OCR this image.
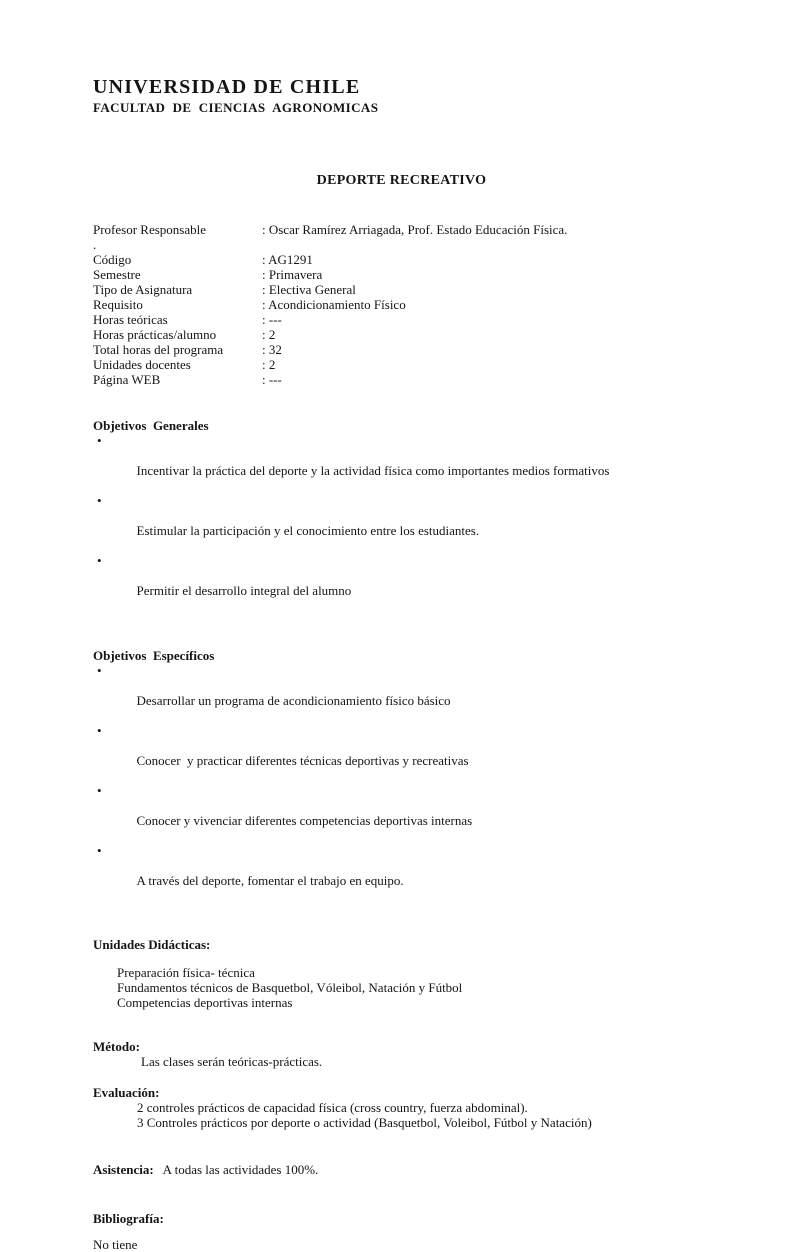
UNIVERSIDAD DE CHILE
FACULTAD  DE  CIENCIAS  AGRONOMICAS
DEPORTE RECREATIVO
Profesor Responsable	: Oscar Ramírez Arriagada, Prof. Estado Educación Física.
.
Código	: AG1291
Semestre	: Primavera
Tipo de Asignatura	: Electiva General
Requisito	: Acondicionamiento Físico
Horas teóricas	: ---
Horas prácticas/alumno	: 2
Total horas del programa	: 32
Unidades docentes	: 2
Página WEB	: ---
Objetivos  Generales

•

Incentivar la práctica del deporte y la actividad física como importantes medios formativos

•

Estimular la participación y el conocimiento entre los estudiantes.

•

Permitir el desarrollo integral del alumno

Objetivos  Específicos

•

Desarrollar un programa de acondicionamiento físico básico

•

Conocer  y practicar diferentes técnicas deportivas y recreativas

•

Conocer y vivenciar diferentes competencias deportivas internas

•

A través del deporte, fomentar el trabajo en equipo.

Unidades Didácticas:
Preparación física- técnica
Fundamentos técnicos de Basquetbol, Vóleibol, Natación y Fútbol
Competencias deportivas internas
Método:
Las clases serán teóricas-prácticas.
Evaluación:
2 controles prácticos de capacidad física (cross country, fuerza abdominal).
3 Controles prácticos por deporte o actividad (Basquetbol, Voleibol, Fútbol y Natación)
Asistencia: A todas las actividades 100%.
Bibliografía:
No tiene
